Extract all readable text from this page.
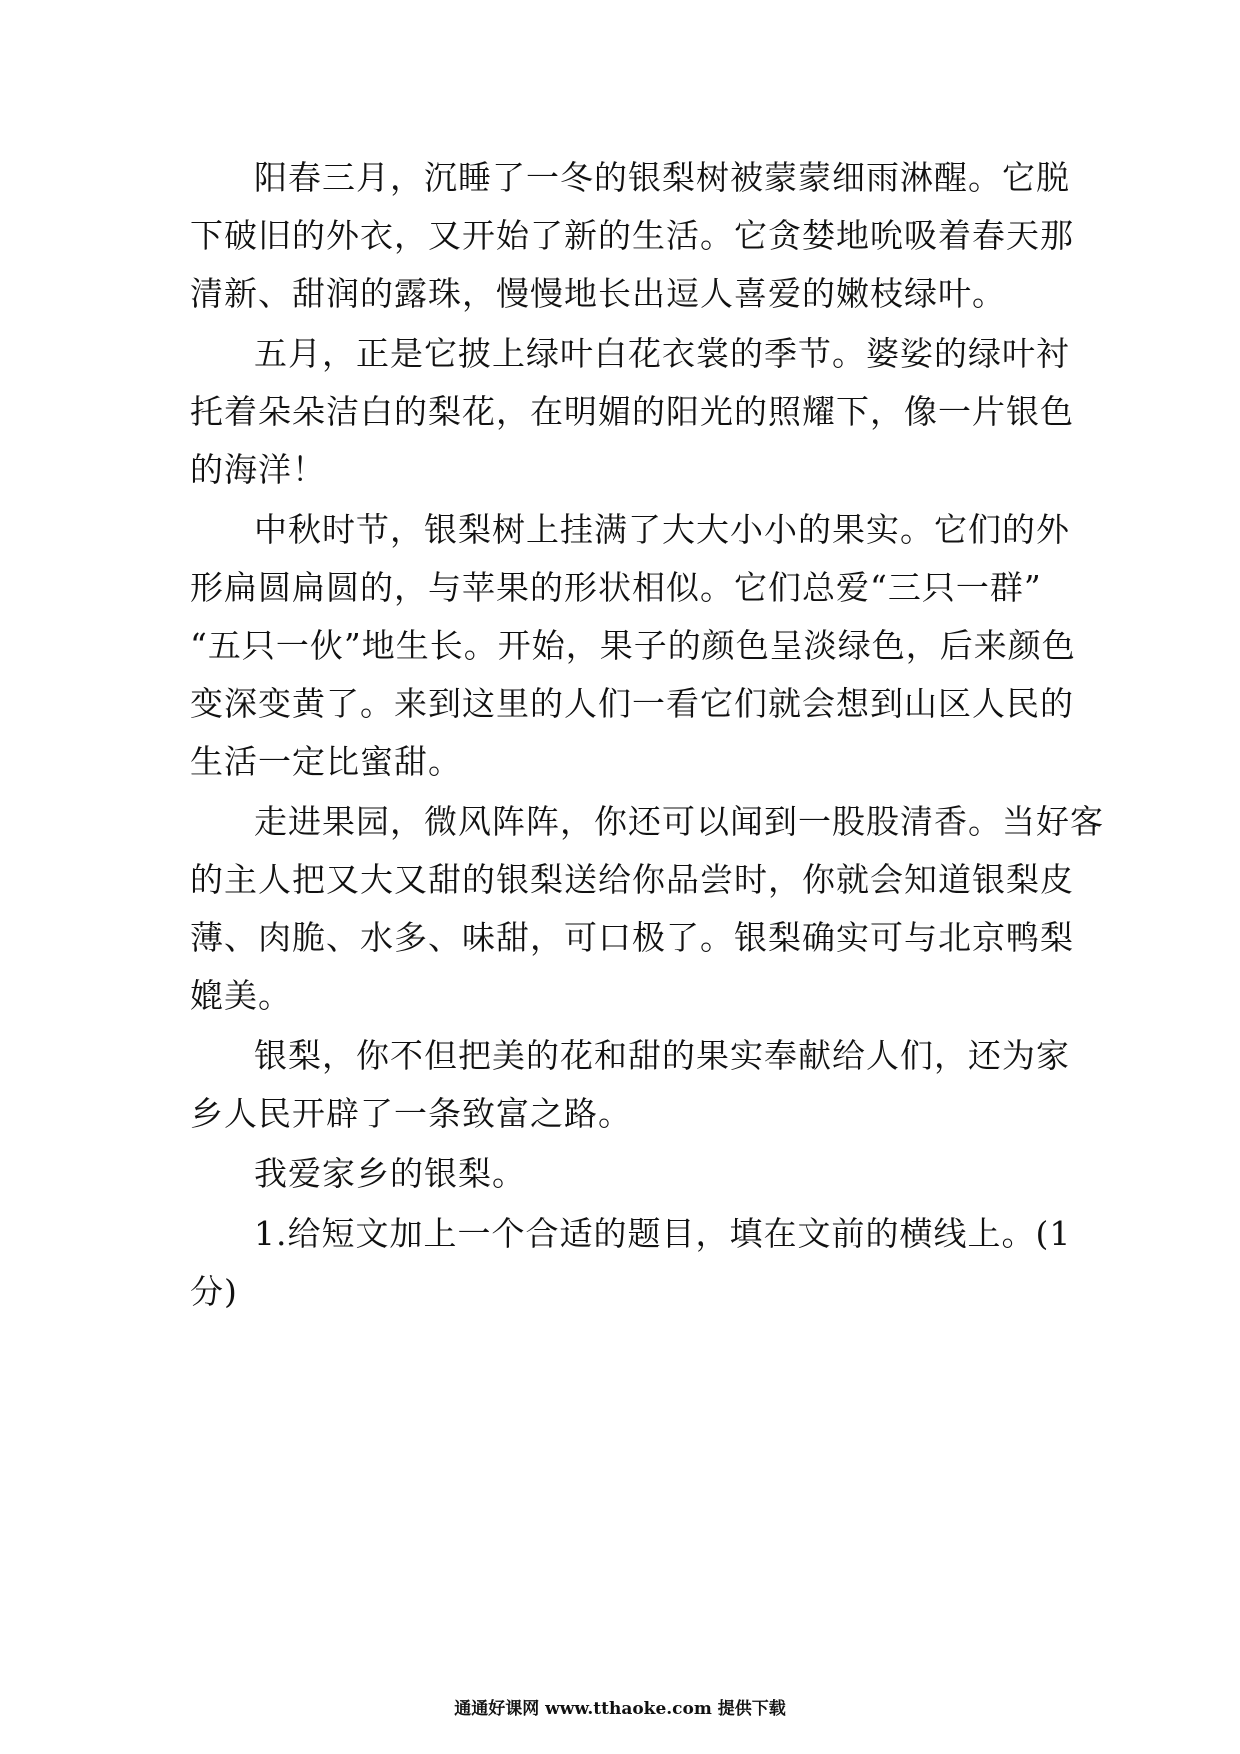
阳春三月，沉睡了一冬的银梨树被蒙蒙细雨淋醒。它脱
下破旧的外衣，又开始了新的生活。它贪婪地吮吸着春天那
清新、甜润的露珠，慢慢地长出逗人喜爱的嫩枝绿叶。
五月，正是它披上绿叶白花衣裳的季节。婆娑的绿叶衬
托着朵朵洁白的梨花，在明媚的阳光的照耀下，像一片银色
的海洋！
中秋时节，银梨树上挂满了大大小小的果实。它们的外
形扁圆扁圆的，与苹果的形状相似。它们总爱“三只一群”
“五只一伙”地生长。开始，果子的颜色呈淡绿色，后来颜色
变深变黄了。来到这里的人们一看它们就会想到山区人民的
生活一定比蜜甜。
走进果园，微风阵阵，你还可以闻到一股股清香。当好客
的主人把又大又甜的银梨送给你品尝时，你就会知道银梨皮
薄、肉脆、水多、味甜，可口极了。银梨确实可与北京鸭梨
媲美。
银梨，你不但把美的花和甜的果实奉献给人们，还为家
乡人民开辟了一条致富之路。
我爱家乡的银梨。
1.给短文加上一个合适的题目，填在文前的横线上。(1
分)
通通好课网 www.tthaoke.com 提供下载
